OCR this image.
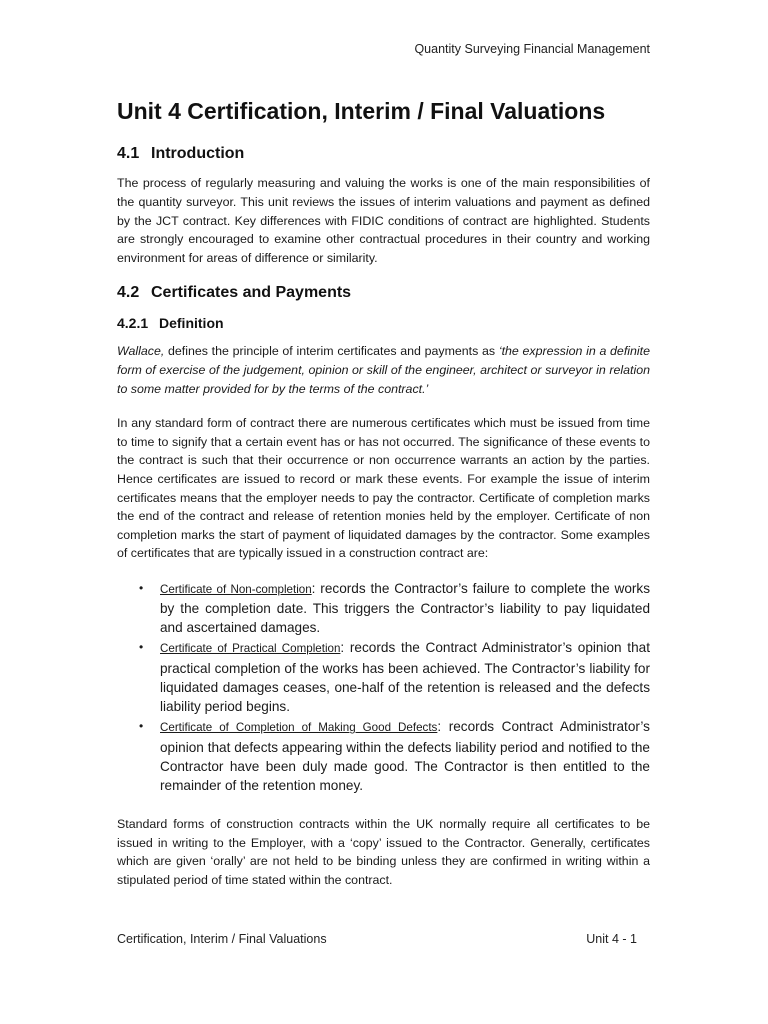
Quantity Surveying Financial Management
Unit 4 Certification, Interim / Final Valuations
4.1 Introduction

The process of regularly measuring and valuing the works is one of the main responsibilities of the quantity surveyor. This unit reviews the issues of interim valuations and payment as defined by the JCT contract. Key differences with FIDIC conditions of contract are highlighted. Students are strongly encouraged to examine other contractual procedures in their country and working environment for areas of difference or similarity.

4.2 Certificates and Payments
4.2.1 Definition

Wallace, defines the principle of interim certificates and payments as ‘the expression in a definite form of exercise of the judgement, opinion or skill of the engineer, architect or surveyor in relation to some matter provided for by the terms of the contract.’

In any standard form of contract there are numerous certificates which must be issued from time to time to signify that a certain event has or has not occurred. The significance of these events to the contract is such that their occurrence or non occurrence warrants an action by the parties. Hence certificates are issued to record or mark these events. For example the issue of interim certificates means that the employer needs to pay the contractor. Certificate of completion marks the end of the contract and release of retention monies held by the employer. Certificate of non completion marks the start of payment of liquidated damages by the contractor. Some examples of certificates that are typically issued in a construction contract are:

• Certificate of Non-completion: records the Contractor’s failure to complete the works by the completion date. This triggers the Contractor’s liability to pay liquidated and ascertained damages.
• Certificate of Practical Completion: records the Contract Administrator’s opinion that practical completion of the works has been achieved. The Contractor’s liability for liquidated damages ceases, one-half of the retention is released and the defects liability period begins.
• Certificate of Completion of Making Good Defects: records Contract Administrator’s opinion that defects appearing within the defects liability period and notified to the Contractor have been duly made good. The Contractor is then entitled to the remainder of the retention money.

Standard forms of construction contracts within the UK normally require all certificates to be issued in writing to the Employer, with a ‘copy’ issued to the Contractor. Generally, certificates which are given ‘orally’ are not held to be binding unless they are confirmed in writing within a stipulated period of time stated within the contract.

Certification, Interim / Final Valuations	Unit 4 - 1
